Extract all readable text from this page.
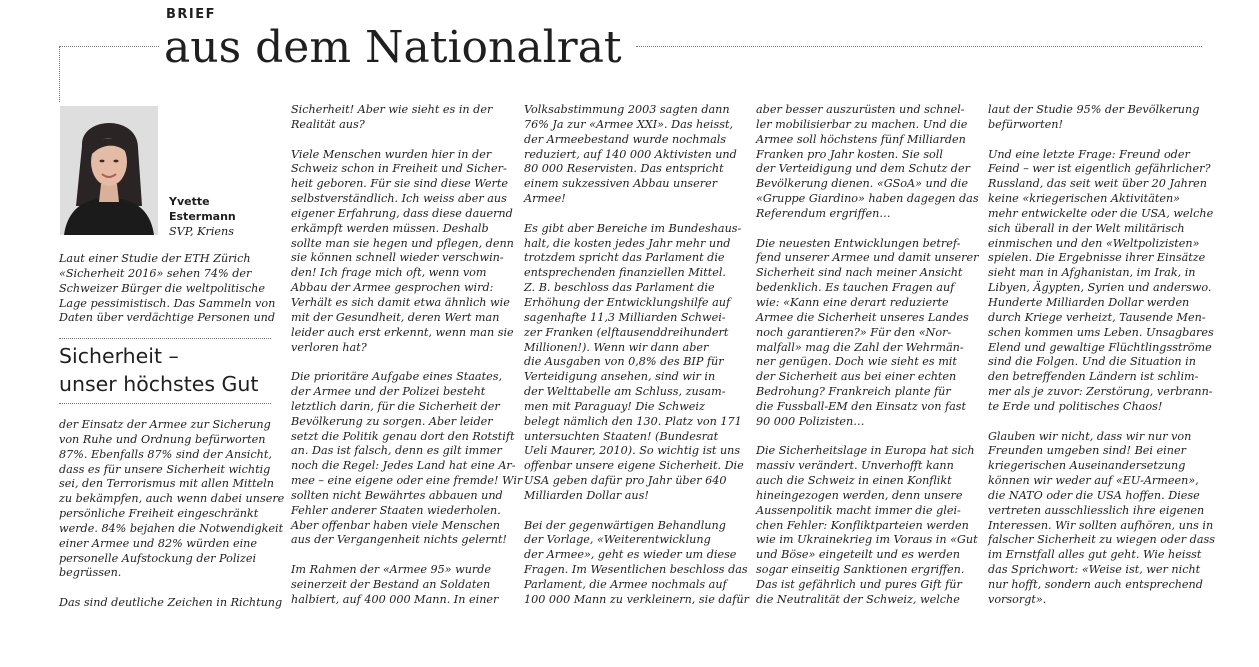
BRIEF
aus dem Nationalrat
Yvette
Estermann
SVP, Kriens
Laut einer Studie der ETH Zürich
«Sicherheit 2016» sehen 74% der
Schweizer Bürger die weltpolitische
Lage pessimistisch. Das Sammeln von
Daten über verdächtige Personen und
Sicherheit –
unser höchstes Gut
der Einsatz der Armee zur Sicherung
von Ruhe und Ordnung befürworten
87%. Ebenfalls 87% sind der Ansicht,
dass es für unsere Sicherheit wichtig
sei, den Terrorismus mit allen Mitteln
zu bekämpfen, auch wenn dabei unsere
persönliche Freiheit eingeschränkt
werde. 84% bejahen die Notwendigkeit
einer Armee und 82% würden eine
personelle Aufstockung der Polizei
begrüssen.
Das sind deutliche Zeichen in Richtung
Sicherheit! Aber wie sieht es in der
Realität aus?
Viele Menschen wurden hier in der
Schweiz schon in Freiheit und Sicher-
heit geboren. Für sie sind diese Werte
selbstverständlich. Ich weiss aber aus
eigener Erfahrung, dass diese dauernd
erkämpft werden müssen. Deshalb
sollte man sie hegen und pflegen, denn
sie können schnell wieder verschwin-
den! Ich frage mich oft, wenn vom
Abbau der Armee gesprochen wird:
Verhält es sich damit etwa ähnlich wie
mit der Gesundheit, deren Wert man
leider auch erst erkennt, wenn man sie
verloren hat?
Die prioritäre Aufgabe eines Staates,
der Armee und der Polizei besteht
letztlich darin, für die Sicherheit der
Bevölkerung zu sorgen. Aber leider
setzt die Politik genau dort den Rotstift
an. Das ist falsch, denn es gilt immer
noch die Regel: Jedes Land hat eine Ar-
mee – eine eigene oder eine fremde! Wir
sollten nicht Bewährtes abbauen und
Fehler anderer Staaten wiederholen.
Aber offenbar haben viele Menschen
aus der Vergangenheit nichts gelernt!
Im Rahmen der «Armee 95» wurde
seinerzeit der Bestand an Soldaten
halbiert, auf 400 000 Mann. In einer
Volksabstimmung 2003 sagten dann
76% Ja zur «Armee XXI». Das heisst,
der Armeebestand wurde nochmals
reduziert, auf 140 000 Aktivisten und
80 000 Reservisten. Das entspricht
einem sukzessiven Abbau unserer
Armee!
Es gibt aber Bereiche im Bundeshaus-
halt, die kosten jedes Jahr mehr und
trotzdem spricht das Parlament die
entsprechenden finanziellen Mittel.
Z. B. beschloss das Parlament die
Erhöhung der Entwicklungshilfe auf
sagenhafte 11,3 Milliarden Schwei-
zer Franken (elftausenddreihundert
Millionen!). Wenn wir dann aber
die Ausgaben von 0,8% des BIP für
Verteidigung ansehen, sind wir in
der Welttabelle am Schluss, zusam-
men mit Paraguay! Die Schweiz
belegt nämlich den 130. Platz von 171
untersuchten Staaten! (Bundesrat
Ueli Maurer, 2010). So wichtig ist uns
offenbar unsere eigene Sicherheit. Die
USA geben dafür pro Jahr über 640
Milliarden Dollar aus!
Bei der gegenwärtigen Behandlung
der Vorlage, «Weiterentwicklung
der Armee», geht es wieder um diese
Fragen. Im Wesentlichen beschloss das
Parlament, die Armee nochmals auf
100 000 Mann zu verkleinern, sie dafür
aber besser auszurüsten und schnel-
ler mobilisierbar zu machen. Und die
Armee soll höchstens fünf Milliarden
Franken pro Jahr kosten. Sie soll
der Verteidigung und dem Schutz der
Bevölkerung dienen. «GSoA» und die
«Gruppe Giardino» haben dagegen das
Referendum ergriffen…
Die neuesten Entwicklungen betref-
fend unserer Armee und damit unserer
Sicherheit sind nach meiner Ansicht
bedenklich. Es tauchen Fragen auf
wie: «Kann eine derart reduzierte
Armee die Sicherheit unseres Landes
noch garantieren?» Für den «Nor-
malfall» mag die Zahl der Wehrmän-
ner genügen. Doch wie sieht es mit
der Sicherheit aus bei einer echten
Bedrohung? Frankreich plante für
die Fussball-EM den Einsatz von fast
90 000 Polizisten…
Die Sicherheitslage in Europa hat sich
massiv verändert. Unverhofft kann
auch die Schweiz in einen Konflikt
hineingezogen werden, denn unsere
Aussenpolitik macht immer die glei-
chen Fehler: Konfliktparteien werden
wie im Ukrainekrieg im Voraus in «Gut
und Böse» eingeteilt und es werden
sogar einseitig Sanktionen ergriffen.
Das ist gefährlich und pures Gift für
die Neutralität der Schweiz, welche
laut der Studie 95% der Bevölkerung
befürworten!
Und eine letzte Frage: Freund oder
Feind – wer ist eigentlich gefährlicher?
Russland, das seit weit über 20 Jahren
keine «kriegerischen Aktivitäten»
mehr entwickelte oder die USA, welche
sich überall in der Welt militärisch
einmischen und den «Weltpolizisten»
spielen. Die Ergebnisse ihrer Einsätze
sieht man in Afghanistan, im Irak, in
Libyen, Ägypten, Syrien und anderswo.
Hunderte Milliarden Dollar werden
durch Kriege verheizt, Tausende Men-
schen kommen ums Leben. Unsagbares
Elend und gewaltige Flüchtlingsströme
sind die Folgen. Und die Situation in
den betreffenden Ländern ist schlim-
mer als je zuvor: Zerstörung, verbrann-
te Erde und politisches Chaos!
Glauben wir nicht, dass wir nur von
Freunden umgeben sind! Bei einer
kriegerischen Auseinandersetzung
können wir weder auf «EU-Armeen»,
die NATO oder die USA hoffen. Diese
vertreten ausschliesslich ihre eigenen
Interessen. Wir sollten aufhören, uns in
falscher Sicherheit zu wiegen oder dass
im Ernstfall alles gut geht. Wie heisst
das Sprichwort: «Weise ist, wer nicht
nur hofft, sondern auch entsprechend
vorsorgt».
